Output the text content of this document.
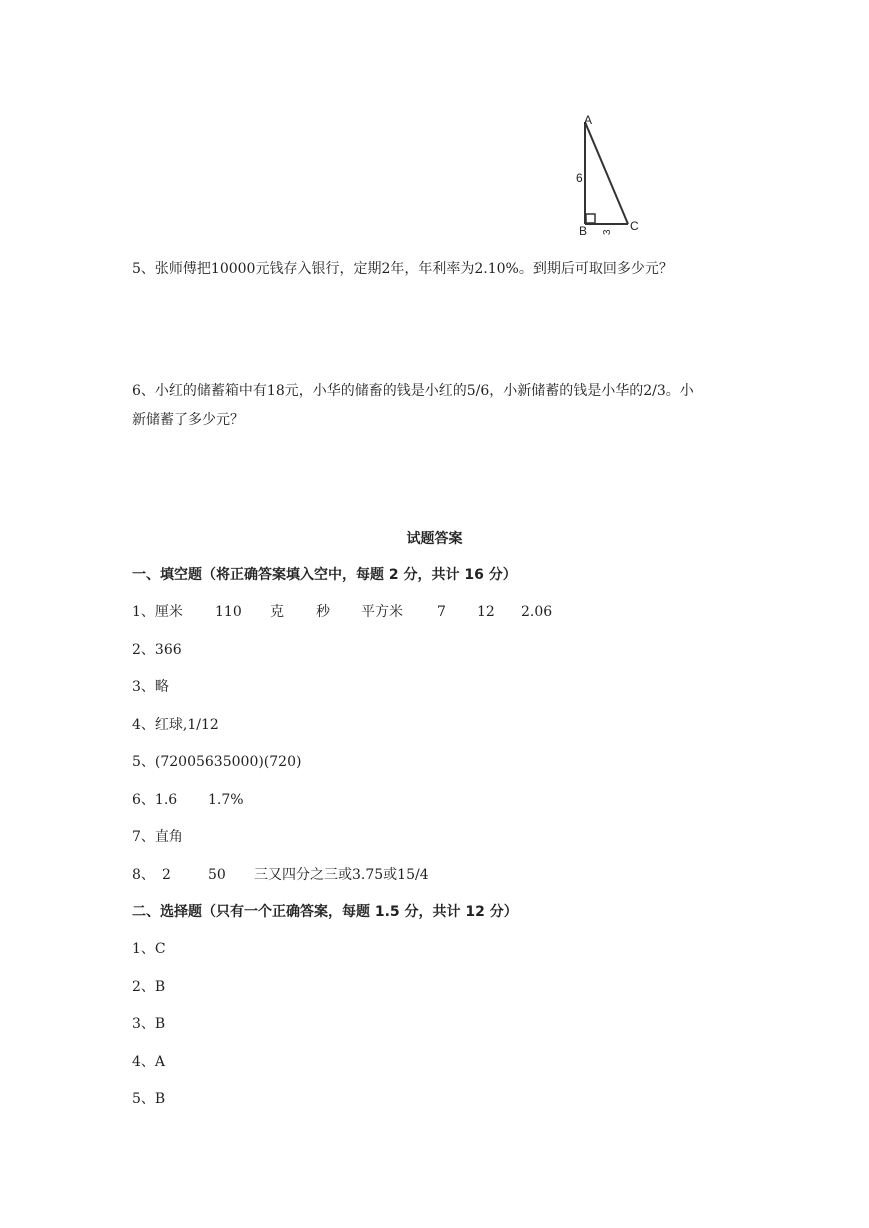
A
B	C
6
3
5、张师傅把10000元钱存入银行，定期2年，年利率为2.10%。到期后可取回多少元？
6、小红的储蓄箱中有18元，小华的储畜的钱是小红的5/6，小新储蓄的钱是小华的2/3。小
新储蓄了多少元？
试题答案
一、填空题（将正确答案填入空中，每题 2 分，共计 16 分）
1、厘米 110 克 秒 平方米 7 12 2.06
2、366
3、略
4、红球,1/12
5、(72005635000)(720)
6、1.6 1.7%
7、直角
8、 2	50 三又四分之三或3.75或15/4
二、选择题（只有一个正确答案，每题 1.5 分，共计 12 分）
1、C
2、B
3、B
4、A
5、B
